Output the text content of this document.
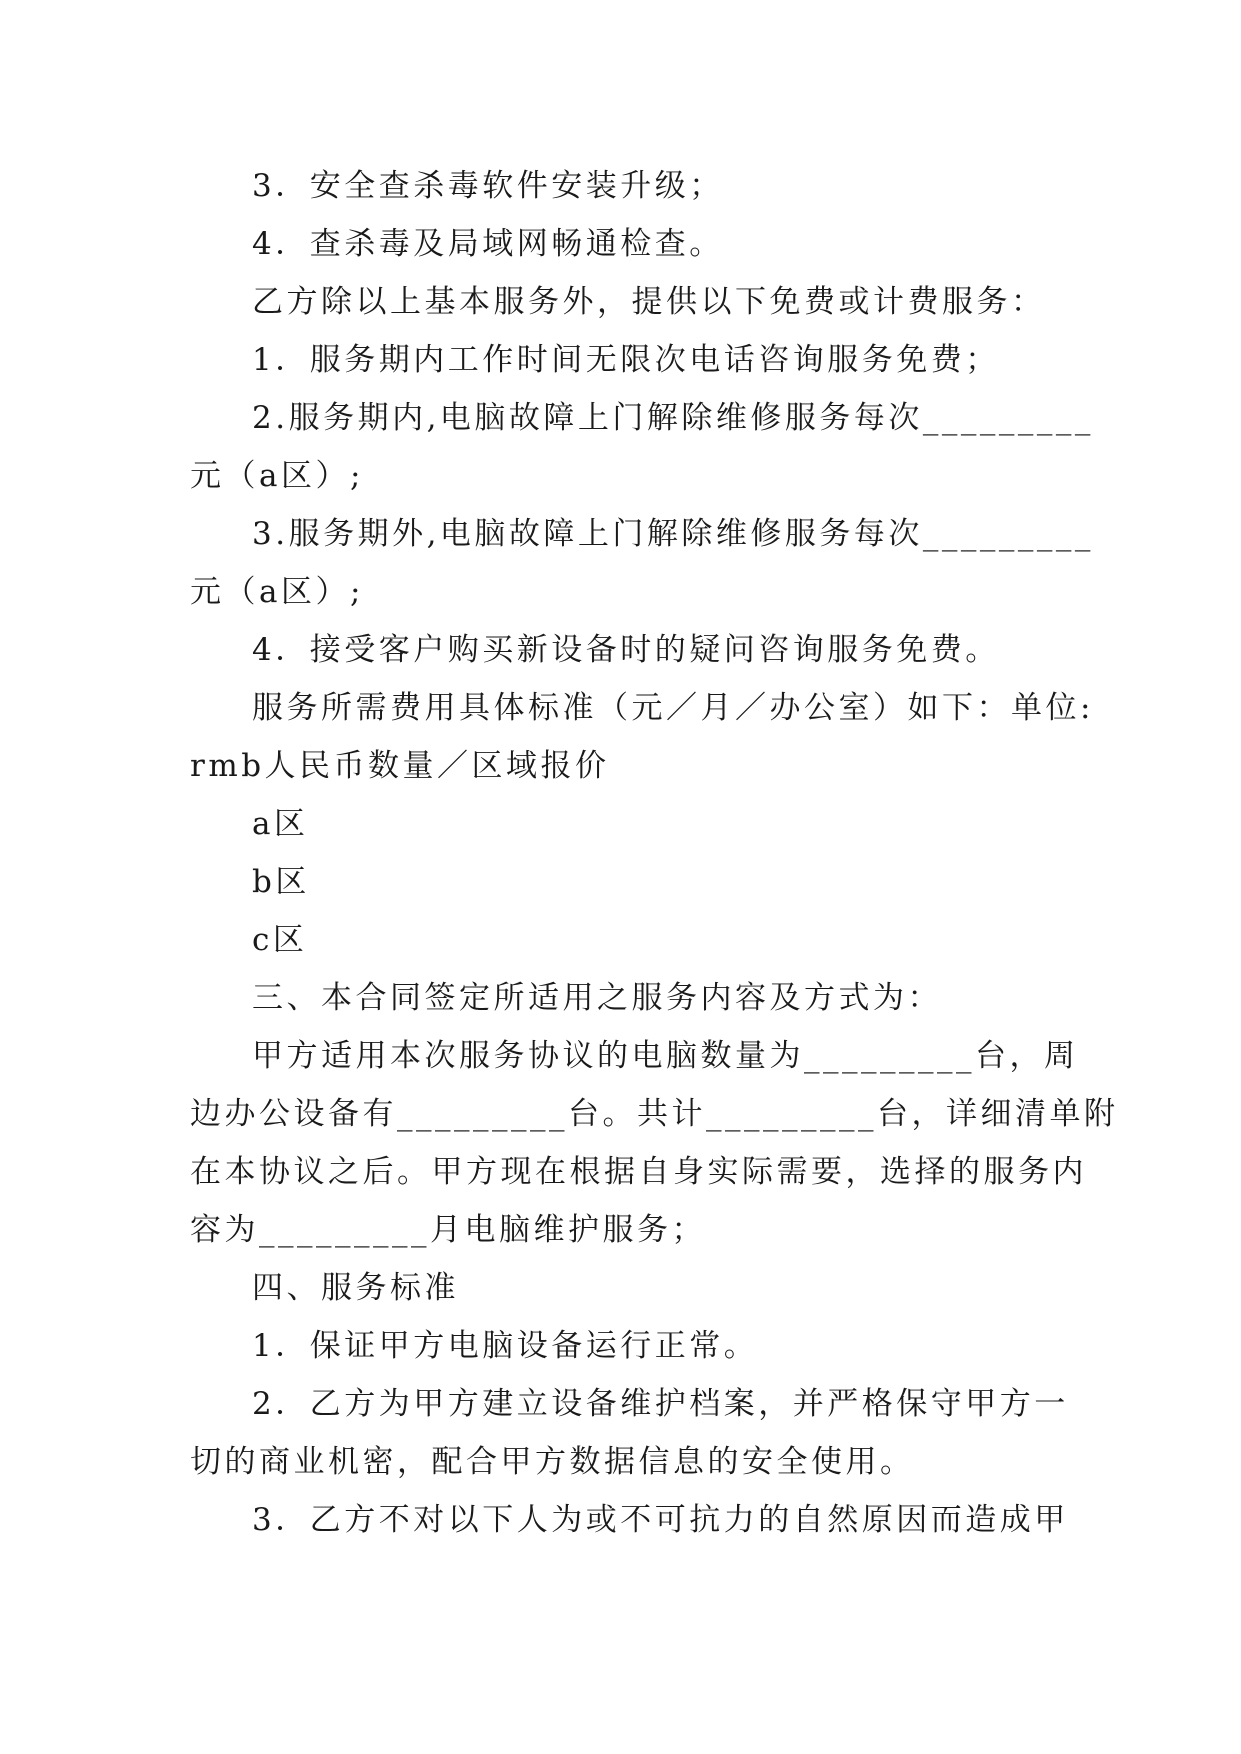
3．安全查杀毒软件安装升级；
4．查杀毒及局域网畅通检查。
乙方除以上基本服务外，提供以下免费或计费服务：
1．服务期内工作时间无限次电话咨询服务免费；
2.服务期内,电脑故障上门解除维修服务每次_________
元（a区）;
3.服务期外,电脑故障上门解除维修服务每次_________
元（a区）;
4．接受客户购买新设备时的疑问咨询服务免费。
服务所需费用具体标准（元／月／办公室）如下：单位:
rmb人民币数量／区域报价
a区
b区
c区
三、本合同签定所适用之服务内容及方式为：
甲方适用本次服务协议的电脑数量为_________台，周
边办公设备有_________台。共计_________台，详细清单附
在本协议之后。甲方现在根据自身实际需要，选择的服务内
容为_________月电脑维护服务；
四、服务标准
1．保证甲方电脑设备运行正常。
2．乙方为甲方建立设备维护档案，并严格保守甲方一
切的商业机密，配合甲方数据信息的安全使用。
3．乙方不对以下人为或不可抗力的自然原因而造成甲
